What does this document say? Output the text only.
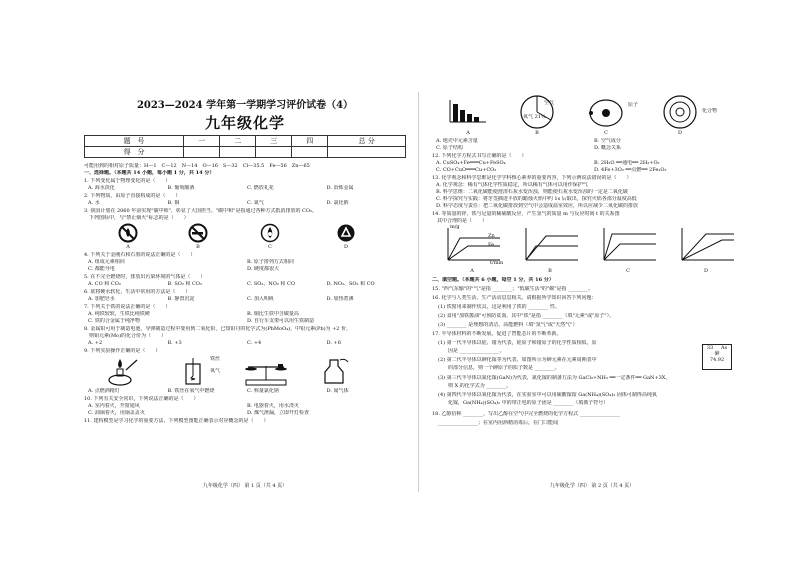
2023—2024 学年第一学期学习评价试卷（4）
九年级化学
题　号	一	二	三	四	总 分
得　分					
可能用到的相对原子质量：H—1　C—12　N—14　O—16　S—32　Cl—35.5　Fe—56　Zn—65
一、选择题。（本题共 14 小题，每小题 1 分，共 14 分）
1. 下列变化属于物理变化的是（　　）
A. 海水淡化	B. 葡萄酿酒	C. 燃放礼花	D. 冶炼金属
2. 下列物质，由原子直接构成的是（　　）
A. 水	B. 铜	C. 氮气	D. 氯化钠
3. 我国计划在 2060 年前实现"碳中和"，彰显了大国担当。"碳中和"是指通过各种方式抵消排放的 CO₂。
　下列图标中，与"禁止烟火"标志的是（　　）
A	B	C	D
4. 下列关于金刚石和石墨的说法正确的是（　　）
A. 组成元素相同	B. 原子排列方式相同
C. 都能导电	D. 硬度都很大
5. 在不完全燃烧时，排放出污染环境的气体是（　　）
A. CO 和 CO₂	B. SO₂ 和 CO₂	C. SO₂、NO₂ 和 CO	D. NO₂、SO₂ 和 CO
6. 欲将硬水软化，生活中常用的方法是（　　）
A. 加肥皂水	B. 静置沉淀	C. 加入明矾	D. 加热煮沸
7. 下列关于铁的说法正确的是（　　）
A. 纯铁较软，生铁比纯铁硬	B. 铜比生铁中含碳量高
C. 铁的合金属于纯净物	D. 自行车支架可以用生铁制造
8. 金属铅可用于制造电池，导弹制造过程中要用到二氧化铅，已知铅丹的化学式为(PbMoO₄)，中铅元素(Pb)为 +2 价，
　则钼元素(Mo)的化合价为（　　）
A. +2	B. +3	C. +4	D. +6
9. 下列实验操作正确的是（　　）
铁丝
氧气
A. 点燃酒精灯	B. 铁丝在氧气中燃烧	C. 称量氯化钠	D. 闻气体
10. 下列有关安全常识，下列说法正确的是（　　）
A. 室内着火，开窗通风	B. 电器着火，用水浇灭
C. 油锅着火，用锅盖盖灭	D. 煤气泄漏，立即开灯检查
11. 建构模型是学习化学的重要方法，下列模型图能正确表示对应概念的是（　　）
九年级化学（四） 第 1 页（共 4 页）
空气
氧气 21%
原子
化合物
A	B	C	D
A. 地壳中元素含量	B. 空气成分
C. 原子结构	D. 概念关系
12. 下列化学方程式书写正确的是（　　）
A. CuSO₄+Fe═══Cu+FeSO₄	B. 2H₂O ══通电══ 2H₂+O₂
C. CO+CuO═══Cu+CO₂	D. 4Fe+3O₂ ══点燃══ 2Fe₂O₃
13. 化学观念和科学思维是化学学科核心素养的重要内容，下列示例说法错误的是（　　）
A. 化学观念：稀有气体化学性质稳定，所以稀有气体可以用作保护气
B. 科学思维：二氧化碳能使澄清石灰水变浑浊，则能使石灰水变浑浊的一定是二氧化碳
C. 科学探究与实践：将牙签插进平放的蜡烛火焰中约 1s 后取出，探究火焰各部分温度高低
D. 科学态度与责任：把二氧化碳排放到空气中会造成温室效应，所以应减少二氧化碳的排放
14. 等质量的锌、铁与足量的稀硫酸反应，产生氢气的质量 m 与反应时间 t 的关系图
　其中合理的是（　　）
m/g
t/min
Zn
Fe
A	B	C	D
二、填空题。（本题共 6 小题，每空 1 分，共 16 分）
15. "西气东输"的"气"是指 ________；"低碳生活"的"碳"是指 ________。
16. 化学与人类生活、生产活动息息相关。请根据所学知识回答下列问题：
(1) 铁窗用来制作炊具，这是利用了铁的 ________ 性。
(2) 食用"加铁酱油"可预防贫血，其中"铁"是指 ________（填"元素"或"原子"）。
(3) ________ 是理想的清洁、高能燃料（填"氢气"或"天然气"）
17. 半导体材料的不断发展，促进了智能芯片的不断革新。
(1) 第一代半导体以硅、锗为代表，硅原子和锗原子的化学性质相似，原
　　因是 ________________。
(2) 第二代半导体以砷化镓等为代表，如图所示为砷元素在元素周期表中
　　的部分信息，则一个砷原子的质子数是 ________。
33 As
砷
74.92
(3) 第三代半导体以氮化镓(GaN)为代表，氮化镓的制备方法为 GaCl₃+NH₃ ══一定条件══ GaN+3X，
　　则 X 的化学式为 ________。
(4) 第四代半导体以氧化镓为代表，在实验室中可以用硫酸镓铵 Ga(NH₄)(SO₄)₂ 固体可制得高纯氧
　　化镓，Ga(NH₄)(SO₄)₂ 中的带正电的原子团是 ________（填离子符号）
18. 乙醇俗称 ________，写出乙醇在空气中完全燃烧的化学方程式 ________________
________________；在室内用酒精消毒后，在门口能闻
九年级化学（四） 第 2 页（共 4 页）
